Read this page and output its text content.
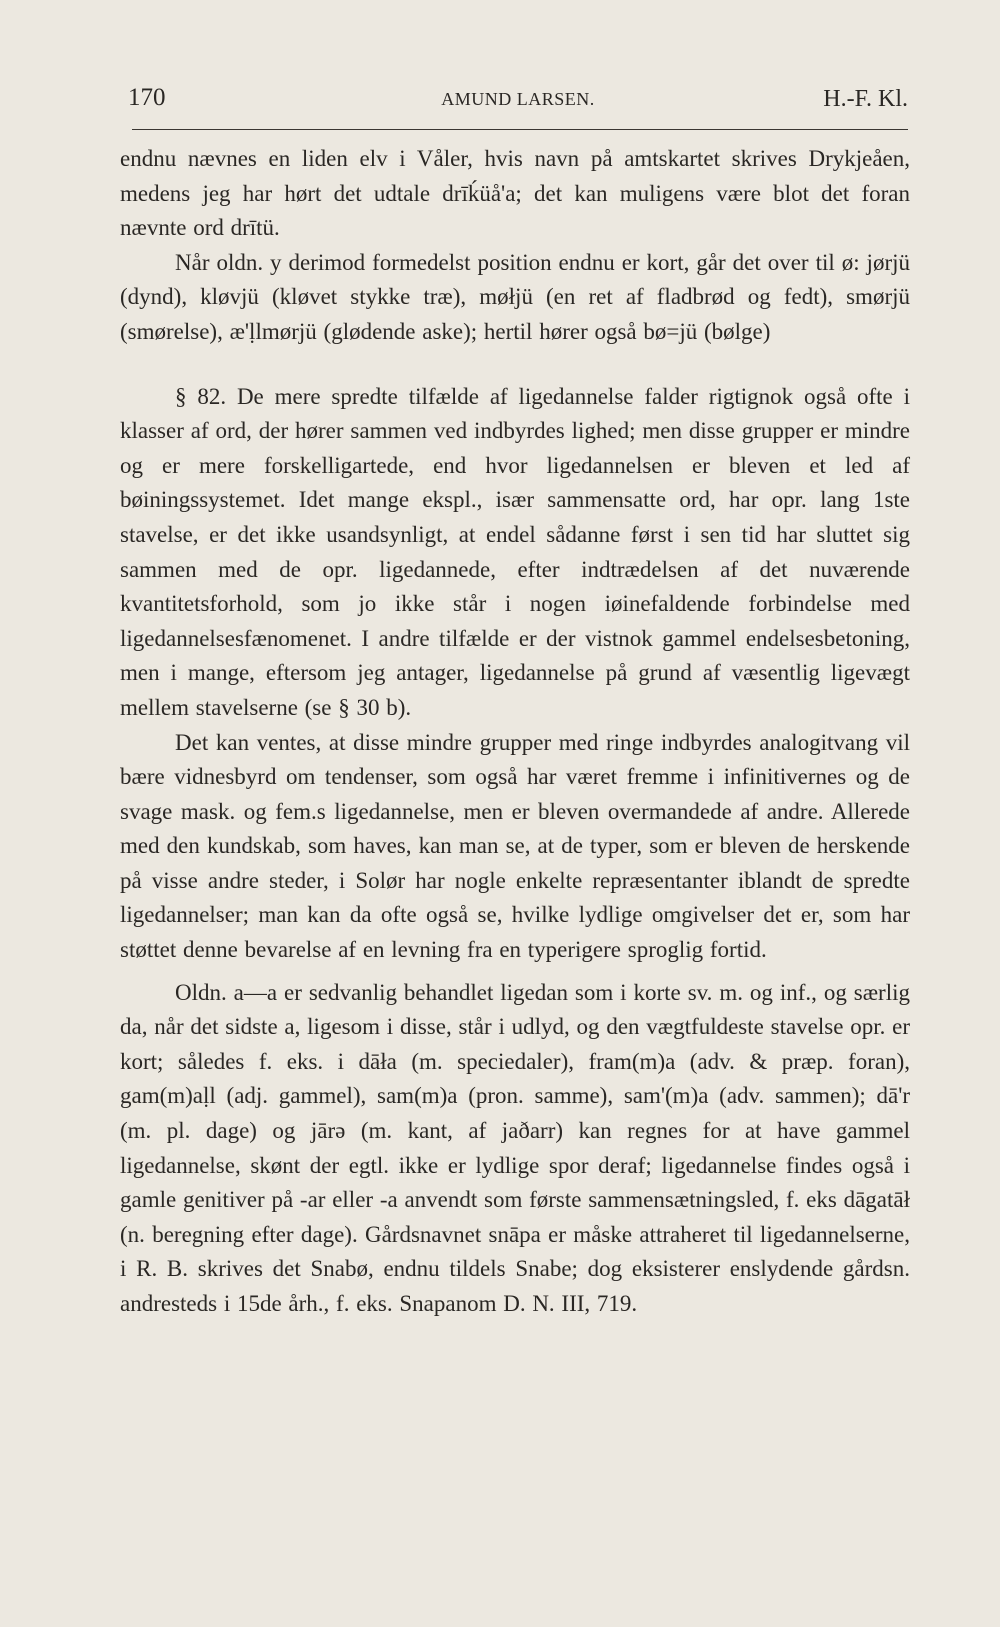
170	AMUND LARSEN.	H.-F. Kl.

endnu nævnes en liden elv i Våler, hvis navn på amtskartet skrives Drykjeåen, medens jeg har hørt det udtale drīḱüå'a; det kan muligens være blot det foran nævnte ord drītü.

Når oldn. y derimod formedelst position endnu er kort, går det over til ø: jørjü (dynd), kløvjü (kløvet stykke træ), møłjü (en ret af fladbrød og fedt), smørjü (smørelse), æ'ḷlmørjü (glødende aske); hertil hører også bø=jü (bølge)

§ 82. De mere spredte tilfælde af ligedannelse falder rigtignok også ofte i klasser af ord, der hører sammen ved indbyrdes lighed; men disse grupper er mindre og er mere forskelligartede, end hvor ligedannelsen er bleven et led af bøiningssystemet. Idet mange ekspl., især sammensatte ord, har opr. lang 1ste stavelse, er det ikke usandsynligt, at endel sådanne først i sen tid har sluttet sig sammen med de opr. ligedannede, efter indtrædelsen af det nuværende kvantitetsforhold, som jo ikke står i nogen iøinefaldende forbindelse med ligedannelsesfænomenet. I andre tilfælde er der vistnok gammel endelsesbetoning, men i mange, eftersom jeg antager, ligedannelse på grund af væsentlig ligevægt mellem stavelserne (se § 30 b).

Det kan ventes, at disse mindre grupper med ringe indbyrdes analogitvang vil bære vidnesbyrd om tendenser, som også har været fremme i infinitivernes og de svage mask. og fem.s ligedannelse, men er bleven overmandede af andre. Allerede med den kundskab, som haves, kan man se, at de typer, som er bleven de herskende på visse andre steder, i Solør har nogle enkelte repræsentanter iblandt de spredte ligedannelser; man kan da ofte også se, hvilke lydlige omgivelser det er, som har støttet denne bevarelse af en levning fra en typerigere sproglig fortid.

Oldn. a—a er sedvanlig behandlet ligedan som i korte sv. m. og inf., og særlig da, når det sidste a, ligesom i disse, står i udlyd, og den vægtfuldeste stavelse opr. er kort; således f. eks. i dāła (m. speciedaler), fram(m)a (adv. & præp. foran), gam(m)aḷl (adj. gammel), sam(m)a (pron. samme), sam'(m)a (adv. sammen); dā'r (m. pl. dage) og jārə (m. kant, af jaðarr) kan regnes for at have gammel ligedannelse, skønt der egtl. ikke er lydlige spor deraf; ligedannelse findes også i gamle genitiver på -ar eller -a anvendt som første sammensætningsled, f. eks dāgatāł (n. beregning efter dage). Gårdsnavnet snāpa er måske attraheret til ligedannelserne, i R. B. skrives det Snabø, endnu tildels Snabe; dog eksisterer enslydende gårdsn. andresteds i 15de årh., f. eks. Snapanom D. N. III, 719.
